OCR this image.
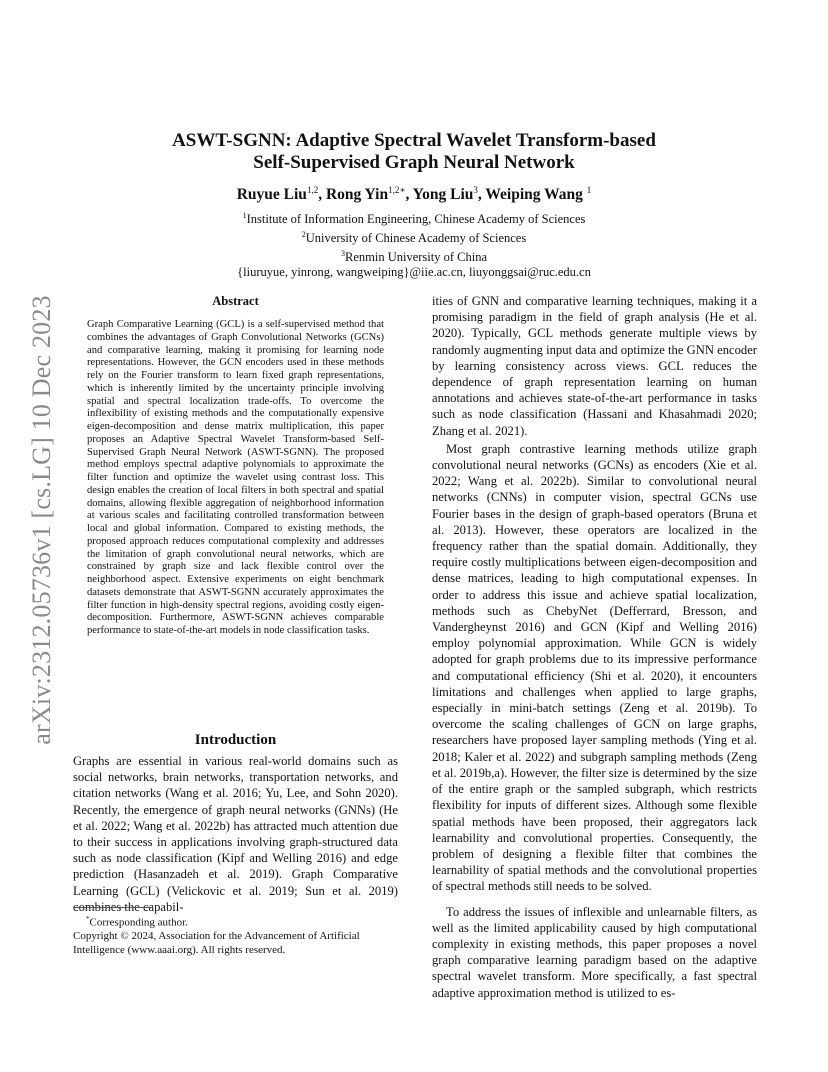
arXiv:2312.05736v1 [cs.LG] 10 Dec 2023
ASWT-SGNN: Adaptive Spectral Wavelet Transform-based
Self-Supervised Graph Neural Network
Ruyue Liu$^{1,2}$, Rong Yin$^{1,2∗}$, Yong Liu$^3$, Weiping Wang $^1$
$^1$Institute of Information Engineering, Chinese Academy of Sciences
$^2$University of Chinese Academy of Sciences
$^3$Renmin University of China
{liuruyue, yinrong, wangweiping}@iie.ac.cn, liuyonggsai@ruc.edu.cn
Abstract

Graph Comparative Learning (GCL) is a self-supervised method that combines the advantages of Graph Convolutional Networks (GCNs) and comparative learning, making it promising for learning node representations. However, the GCN encoders used in these methods rely on the Fourier transform to learn fixed graph representations, which is inherently limited by the uncertainty principle involving spatial and spectral localization trade-offs. To overcome the inflexibility of existing methods and the computationally expensive eigen-decomposition and dense matrix multiplication, this paper proposes an Adaptive Spectral Wavelet Transform-based Self-Supervised Graph Neural Network (ASWT-SGNN). The proposed method employs spectral adaptive polynomials to approximate the filter function and optimize the wavelet using contrast loss. This design enables the creation of local filters in both spectral and spatial domains, allowing flexible aggregation of neighborhood information at various scales and facilitating controlled transformation between local and global information. Compared to existing methods, the proposed approach reduces computational complexity and addresses the limitation of graph convolutional neural networks, which are constrained by graph size and lack flexible control over the neighborhood aspect. Extensive experiments on eight benchmark datasets demonstrate that ASWT-SGNN accurately approximates the filter function in high-density spectral regions, avoiding costly eigen-decomposition. Furthermore, ASWT-SGNN achieves comparable performance to state-of-the-art models in node classification tasks.

Introduction

Graphs are essential in various real-world domains such as social networks, brain networks, transportation networks, and citation networks (Wang et al. 2016; Yu, Lee, and Sohn 2020). Recently, the emergence of graph neural networks (GNNs) (He et al. 2022; Wang et al. 2022b) has attracted much attention due to their success in applications involving graph-structured data such as node classification (Kipf and Welling 2016) and edge prediction (Hasanzadeh et al. 2019). Graph Comparative Learning (GCL) (Velickovic et al. 2019; Sun et al. 2019) combines the capabil-

*Corresponding author.
Copyright © 2024, Association for the Advancement of Artificial Intelligence (www.aaai.org). All rights reserved.

ities of GNN and comparative learning techniques, making it a promising paradigm in the field of graph analysis (He et al. 2020). Typically, GCL methods generate multiple views by randomly augmenting input data and optimize the GNN encoder by learning consistency across views. GCL reduces the dependence of graph representation learning on human annotations and achieves state-of-the-art performance in tasks such as node classification (Hassani and Khasahmadi 2020; Zhang et al. 2021).

Most graph contrastive learning methods utilize graph convolutional neural networks (GCNs) as encoders (Xie et al. 2022; Wang et al. 2022b). Similar to convolutional neural networks (CNNs) in computer vision, spectral GCNs use Fourier bases in the design of graph-based operators (Bruna et al. 2013). However, these operators are localized in the frequency rather than the spatial domain. Additionally, they require costly multiplications between eigen-decomposition and dense matrices, leading to high computational expenses. In order to address this issue and achieve spatial localization, methods such as ChebyNet (Defferrard, Bresson, and Vandergheynst 2016) and GCN (Kipf and Welling 2016) employ polynomial approximation. While GCN is widely adopted for graph problems due to its impressive performance and computational efficiency (Shi et al. 2020), it encounters limitations and challenges when applied to large graphs, especially in mini-batch settings (Zeng et al. 2019b). To overcome the scaling challenges of GCN on large graphs, researchers have proposed layer sampling methods (Ying et al. 2018; Kaler et al. 2022) and subgraph sampling methods (Zeng et al. 2019b,a). However, the filter size is determined by the size of the entire graph or the sampled subgraph, which restricts flexibility for inputs of different sizes. Although some flexible spatial methods have been proposed, their aggregators lack learnability and convolutional properties. Consequently, the problem of designing a flexible filter that combines the learnability of spatial methods and the convolutional properties of spectral methods still needs to be solved.

To address the issues of inflexible and unlearnable filters, as well as the limited applicability caused by high computational complexity in existing methods, this paper proposes a novel graph comparative learning paradigm based on the adaptive spectral wavelet transform. More specifically, a fast spectral adaptive approximation method is utilized to es-
